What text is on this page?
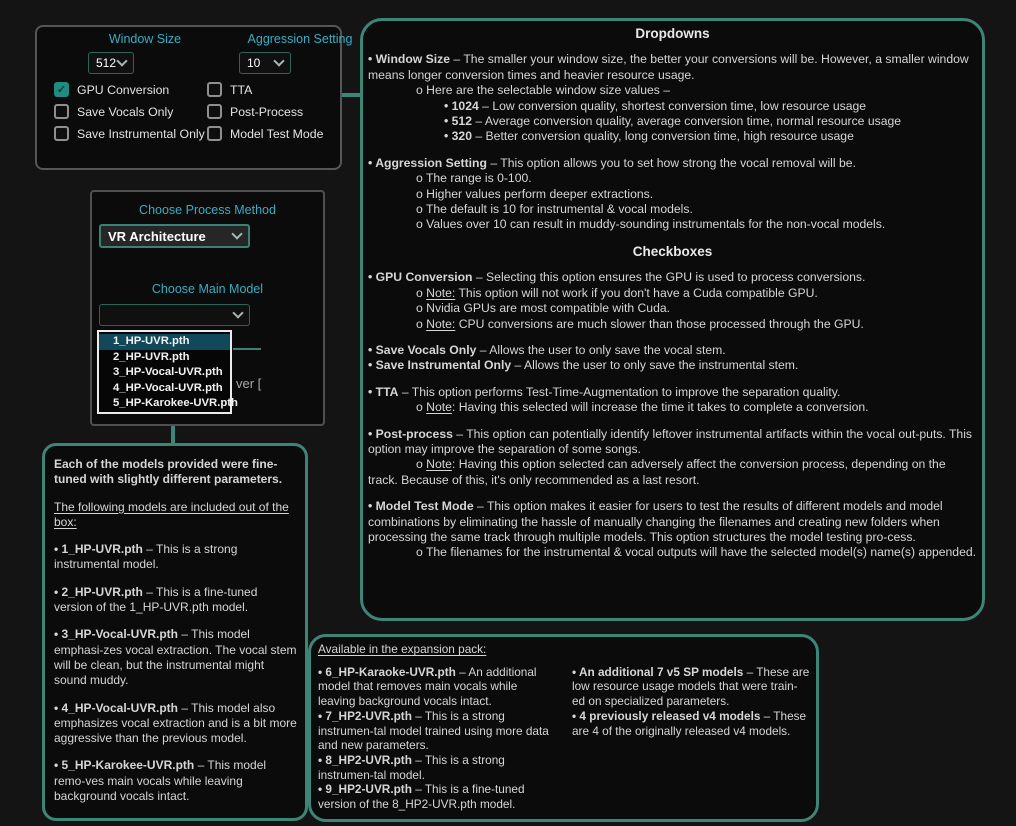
Window Size	Aggression Setting
512	10
✓ GPU Conversion
Save Vocals Only
Save Instrumental Only
TTA
Post-Process
Model Test Mode
Choose Process Method
VR Architecture
Choose Main Model
ver [
1_HP-UVR.pth
2_HP-UVR.pth
3_HP-Vocal-UVR.pth
4_HP-Vocal-UVR.pth
5_HP-Karokee-UVR.pth
Dropdowns
• Window Size – The smaller your window size, the better your conversions will be. However, a smaller window means longer conversion times and heavier resource usage.
o Here are the selectable window size values –
• 1024 – Low conversion quality, shortest conversion time, low resource usage
• 512 – Average conversion quality, average conversion time, normal resource usage
• 320 – Better conversion quality, long conversion time, high resource usage
• Aggression Setting – This option allows you to set how strong the vocal removal will be.
o The range is 0-100.
o Higher values perform deeper extractions.
o The default is 10 for instrumental & vocal models.
o Values over 10 can result in muddy-sounding instrumentals for the non-vocal models.
Checkboxes
• GPU Conversion – Selecting this option ensures the GPU is used to process conversions.
o Note: This option will not work if you don't have a Cuda compatible GPU.
o Nvidia GPUs are most compatible with Cuda.
o Note: CPU conversions are much slower than those processed through the GPU.
• Save Vocals Only – Allows the user to only save the vocal stem.
• Save Instrumental Only – Allows the user to only save the instrumental stem.
• TTA – This option performs Test-Time-Augmentation to improve the separation quality.
o Note: Having this selected will increase the time it takes to complete a conversion.
• Post-process – This option can potentially identify leftover instrumental artifacts within the vocal out-puts. This option may improve the separation of some songs.
o Note: Having this option selected can adversely affect the conversion process, depending on the track. Because of this, it's only recommended as a last resort.
• Model Test Mode – This option makes it easier for users to test the results of different models and model combinations by eliminating the hassle of manually changing the filenames and creating new folders when processing the same track through multiple models. This option structures the model testing pro-cess.
o The filenames for the instrumental & vocal outputs will have the selected model(s) name(s) appended.
Each of the models provided were fine-tuned with slightly different parameters.
The following models are included out of the box:
• 1_HP-UVR.pth – This is a strong instrumental model.
• 2_HP-UVR.pth – This is a fine-tuned version of the 1_HP-UVR.pth model.
• 3_HP-Vocal-UVR.pth – This model emphasi-zes vocal extraction. The vocal stem will be clean, but the instrumental might sound muddy.
• 4_HP-Vocal-UVR.pth – This model also emphasizes vocal extraction and is a bit more aggressive than the previous model.
• 5_HP-Karokee-UVR.pth – This model remo-ves main vocals while leaving background vocals intact.
Available in the expansion pack:
• 6_HP-Karaoke-UVR.pth – An additional model that removes main vocals while leaving background vocals intact.
• 7_HP2-UVR.pth – This is a strong instrumen-tal model trained using more data and new parameters.
• 8_HP2-UVR.pth – This is a strong instrumen-tal model.
• 9_HP2-UVR.pth – This is a fine-tuned version of the 8_HP2-UVR.pth model.
• An additional 7 v5 SP models – These are low resource usage models that were train-ed on specialized parameters.
• 4 previously released v4 models – These are 4 of the originally released v4 models.
